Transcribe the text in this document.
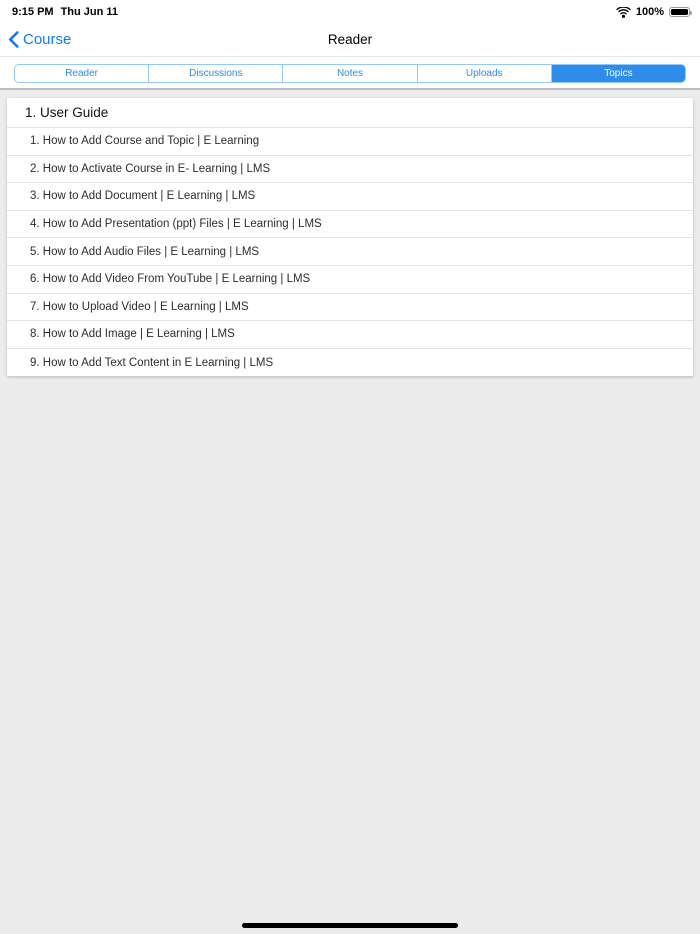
9:15 PM Thu Jun 11	100%
Course	Reader
Reader	Discussions	Notes	Uploads	Topics
1. User Guide
1. How to Add Course and Topic | E Learning
2. How to Activate Course in E- Learning | LMS
3. How to Add Document | E Learning | LMS
4. How to Add Presentation (ppt) Files | E Learning | LMS
5. How to Add Audio Files | E Learning | LMS
6. How to Add Video From YouTube | E Learning | LMS
7. How to Upload Video | E Learning | LMS
8. How to Add Image | E Learning | LMS
9. How to Add Text Content in E Learning | LMS
